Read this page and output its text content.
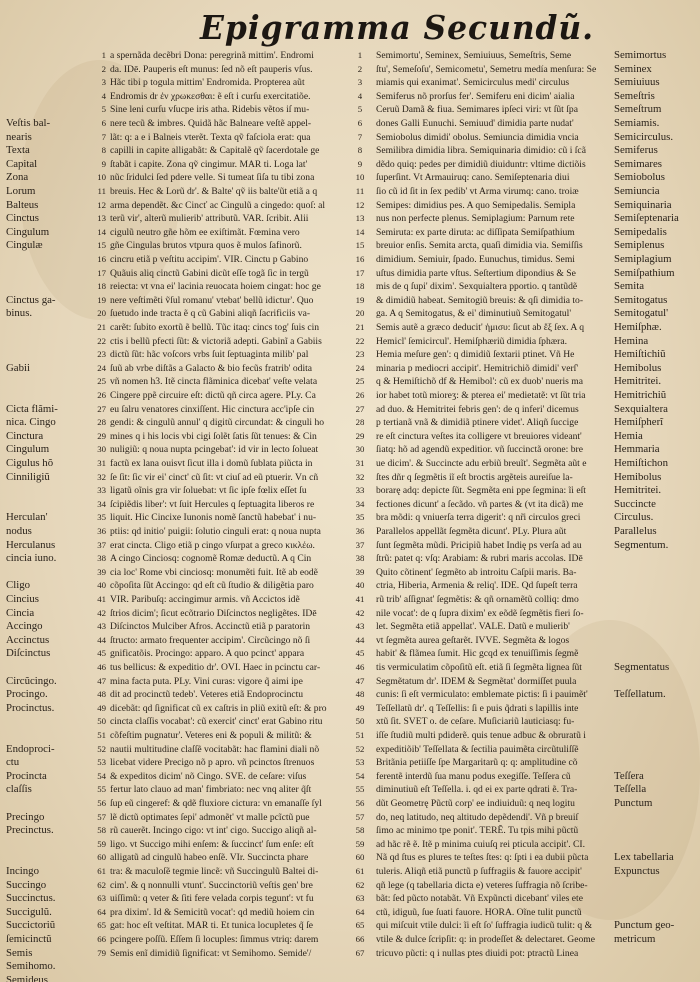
Epigramma Secundũ.
Veſtis bal-
nearis
Texta
Capital
Zona
Lorum
Balteus
Cinctus
Cingulum
Cingulæ
Cinctus ga-
binus.
Gabii
Cicta flãmi-
nica. Cingo
Cinctura
Cingulum
Cigulus hõ
Cinniligiũ
Herculan'
nodus
Herculanus
cincia iuno.
Cligo
Cincius
Cincia
Accingo
Accinctus
Diſcinctus
Circũcingo.
Procingo.
Procinctus.
Endoproci-
ctu
Procincta
claſſis
Precingo
Precinctus.
Incingo
Succingo
Succinctus.
Succigulũ.
Succictoriũ
ſemicinctũ
Semis
Semihomo.
Semideus
1
2
3
4
5
6
7
8
9
10
11
12
13
14
15
16
17
18
19
20
21
22
23
24
25
26
27
28
29
30
31
32
33
34
35
36
37
38
39
40
41
42
43
44
45
46
47
48
49
50
51
52
53
54
55
56
57
58
59
60
61
62
63
64
65
66
79
a spernãda decẽbri Dona: peregrinã mittim'. Endromi
da. IDē. Pauperis eſt munus: ſed nõ eſt pauperis vſus.
Hãc tibi p togula mittim' Endromida. Propterea aũt
Endromis dr ἐν χρωκεσθαι: ẽ eſt i curſu exercitatiõe.
Sine leni curſu vſucpe iris atha. Ridebis vẽtos iſ mu-
nere tecũ & imbres. Quidã hãc Balneare veſtẽ appel-
lãt: q: a e i Balneis vterẽt. Texta qṽ faſciola erat: qua
capilli in capite alligabãt: & Capitalẽ qṽ ſacerdotale ge
ſtabãt i capite. Zona qṽ cingimur. MAR ti. Loga lat'
nũc ſridulci ſed pdere velle. Si tumeat ſiſa tu tibi zona
breuis. Hec & Lorũ dr'. & Balte' qṽ iis balte'ũt etiã a q
arma dependẽt. &c Cincť ac Cingulũ a cingedo: quoſ: al
terũ vir', alterũ mulierib' attributũ. VAR. ſcribit. Alii
cigulũ neutro gñe hõm ee exiſtimãt. Fœmina vero
gñe Cingulas brutos vtpura quos ẽ mulos ſafinorũ.
cincru etiã p veſtitu accipim'. VIR. Cinctu p Gabino
Quãuis aliq cinctũ Gabini dicũt eſſe togã ſic in tergũ
reiecta: vt vna ei' lacinia reuocata hoiem cingat: hoc ge
nere veſtimẽti ṽſul romanu' vtebat' bellũ idictur'. Quo
ſuetudo inde tracta ẽ q cũ Gabini aliqñ ſacrificiis va-
carẽt: ſubito exortũ ẽ bellũ. Tũc itaq: cincs tog' ſuis cin
ctis i bellũ pfecti ſũt: & victoriã adepti. Gabinĩ a Gabiis
dictũ ſũt: hãc voſcors vrbs ſuit ſeptuaginta milib' pal
ſuũ ab vrbe diſtãs a Galacto & bio fecũs fratrib' odita
vñ nomen h3. Itẽ cincta flãminica dicebat' veſte velata
Cingere ppẽ circuire eſt: dictũ qñ circa agere. PLy. Ca
eu ſalru venatores cinxiſſent. Hic cinctura acc'ipſe cin
gendi: & cingulũ annul' q digitũ circundat: & cinguli ho
mines q i his locis vbi cigi ſolẽt ſatis ſũt tenues: & Cin
nuligiũ: q noua nupta pcingebat': id vir in lecto ſolueat
factũ ex lana ouisvt ſicut illa i domũ ſublata piũcta in
ſe ſit: ſic vir ei' cinct' cũ ſit: vt ciuſ ad eũ ptuerir. Vn cñ
ligatũ oĩnis gra vir ſoluebat: vt ſic ipſe fœlix eſſet ſu
ſcipiẽdis liber': vt ſuit Hercules q ſeptuagita liberos re
liquit. Hic Cincixe Iunonis nomẽ ſanctũ habebat' i nu-
ptiis: qd initio' puigii: ſolutio cinguli erat: q noua nupta
erat cincta. Cligo etiã p cingo vſurpat a greco κικλέω.
A cingo Cinciosq: cognomẽ Romæ deductũ. A q Cin
cia loc' Rome vbi cinciosq: monumẽti fuit. Itẽ ab eodẽ
cõpoſita ſũt Accingo: qd eſt cũ ſtudio & diligẽtia paro
VIR. Paribuſq: accingimur armis. vñ Accictos idẽ
ſtrios dicim'; ſicut ecõtrario Diſcinctos negligẽtes. IDē
Diſcinctos Mulciber Afros. Accinctũ etiã p paratorin
ſtructo: armato frequenter accipim'. Circũcingo nõ ſi
gnificatõis. Procingo: apparo. A quo pcinct' appara
tus bellicus: & expeditio dr'. OVI. Haec in pcinctu car-
mina facta puta. PLy. Vini curas: vigore q̃ aimi ipe
dit ad procinctũ tedeb'. Veteres etiã Endoprocinctu
dicebãt: qd ſignificat cũ ex caſtris in pliũ exitũ eſt: & pro
cincta claſſis vocabat': cũ exercit' cinct' erat Gabino ritu
cõfeſtim pugnatur'. Veteres eni & populi & militũ: &
nautii multitudine claſſẽ vocitabãt: hac flamini diali nõ
licebat videre Precigo nõ p apro. vñ pcinctos ſtrenuos
& expeditos dicim' nõ Cingo. SVE. de ceſare: viſus
fertur lato clauo ad man' fimbriato: nec vnq aliter q̃ſt
ſup eũ cingeref: & qdẽ fluxiore cictura: vn emanaſſe ſyl
lẽ dictũ optimates ſepi' admonẽt' vt malle pcĩctũ pue
rũ cauerẽt. Incingo cigo: vt int' cigo. Succigo aliqñ al-
ligo. vt Succigo mihi enſem: & ſuccinct' ſum enſe: eſt
alligatũ ad cingulũ habeo enſẽ. VIr. Succincta phare
tra: & maculoſẽ tegmie lincẽ: vñ Succingulũ Baltei di-
cim'. & q nonnulli vtunt'. Succinctoriũ veſtis gen' bre
uiſſimũ: q veter & ſiti fere velada corpis tegunt': vt fu
pra dixim'. Id & Semicitũ vocat': qd mediũ hoiem cin
gat: hoc eſt veſtitat. MAR ti. Et tunica locupletes q̃ ſe
pcingere poſſũ. Eſſem ſi locuples: ſimmus vtriq: darem
Semis enĩ dimidiũ ſignificat: vt Semihomo. Semide'/
1
2
3
4
5
6
7
8
9
10
11
12
13
14
15
16
17
18
19
20
21
22
23
24
25
26
27
28
29
30
31
32
33
34
35
36
37
38
39
40
41
42
43
44
45
46
47
48
49
50
51
52
53
54
55
56
57
58
59
60
61
62
63
64
65
66
67
Semimortu', Seminex, Semiuiuus, Semeſtris, Seme
ſtu', Semeſoſu', Semicometu', Semetru medía menſura: Se
miamis qui exanimat'. Semicirculus medi' circulus
Semiferus nõ prorſus fer'. Semiferu eni dicim' aialia
Ceruũ Damã & fiua. Semimares ipſeci viri: vt ſũt ſpa
dones Galli Eunuchi. Semiuud' dimidia parte nudat'
Semiobolus dimidi' obolus. Semiuncia dimidia vncia
Semilibra dimidia libra. Semiquinaria dimidio: cũ i ſcã
dẽdo quiq: pedes per dimidiũ diuiduntr: vltime dictiõis
ſuperſint. Vt Armauiruq: cano. Semiſeptenaria diui
ſio cũ id ſit in ſex pedib' vt Arma virumq: cano. troiæ
Semipes: dimidius pes. A quo Semipedalis. Semipla
nus non perfecte plenus. Semiplagium: Parnum rete
Semiruta: ex parte diruta: ac diſſipata Semiſpathium
breuior enſis. Semita arcta, quaſi dimidia via. Semiſſis
dimidium. Semiuir, ſpado. Eunuchus, timidus. Semi
uſtus dimidia parte vſtus. Seſtertium dipondius & Se
mis de q ſupi' dixim'. Sexquialtera pportio. q tantũdẽ
& dimidiũ habeat. Semitogiũ breuis: & qſi dimidia to-
ga. A q Semitogatus, & ei' diminutiuũ Semitogatul'
Semis autẽ a græco deducit' ἡμισυ: ſicut ab ἕξ ſex. A q
Hemicl' ſemicircul'. Hemiſphæriũ dimidia ſphæra.
Hemia meſure gen': q dimidiũ ſextarii ptinet. Vñ He
minaria p mediocri accipit'. Hemitrichiõ dimidi' verſ'
q & Hemiſtichõ df & Hemibol': cũ ex duob' nueris ma
ior habet totũ mioreʒ: & pterea ei' medietatẽ: vt ſũt tria
ad duo. & Hemitritei febris gen': de q inferi' dicemus
p tertianã vnã & dimidiã ptinere videt'. Aliqñ ſuccige
re eſt cinctura veſtes ita colligere vt breuiores videant'
ſiatq: hõ ad agendũ expeditior. vñ ſuccinctã orone: bre
ue dicim'. & Succincte adu erbiũ breuĩt'. Segmẽta aũt e
ſtes dñr q ſegmẽtis iĩ eſt broctis argẽteis aureiſue la-
borarę adq: depicte ſũt. Segmẽta eni ppe ſegmina: ĩi eſt
fectiones dicunt' a ſecãdo. vñ partes & (vt ita dicã) me
bra mõdi: q vniuerſa terra digerit': q nr̃i circulos greci
Parallelos appellãt ſegmẽta dicunt'. PLy. Plura aũt
ſunt ſegmẽta mũdi. Pricipiũ habet Indię ps verſa ad au
ſtrũ: patet q: vſq: Arabiam: & rubri maris accolas. IDē
Quito cõtinent' ſegmẽto ab introitu Caſpii maris. Ba-
ctria, Hiberia, Armenia & reliq'. IDE. Qd ſupeſt terra
rũ trib' aſſignat' ſegmẽtis: & qñ ornamẽtũ colliq: dmo
nile vocat': de q ſupra dixim' ex eõdẽ ſegmẽtis fieri ſo-
let. Segmẽta etiã appellat'. VALE. Datũ e mulierib'
vt ſegmẽta aurea geſtarẽt. IVVE. Segmẽta & logos
habit' & flãmea ſumit. Hic gcqd ex tenuiſſimis ſegmẽ
tis vermiculatim cõpoſitũ eſt. etiã ſi ſegmẽta lignea ſũt
Segmẽtatum dr'. IDEM & Segmẽtat' dormiſſet puula
cunis: ſi eſt vermiculato: emblemate pictis: ſi i pauimẽt'
Teſſellatũ dr'. q Teſſellis: ſi e puis q̃drati s lapillis inte
xtũ ſit. SVET o. de ceſare. Muſiciariũ lauticiasq: fu-
iſſe ſtudiũ multi pdiderẽ. quis tenue adbuc & obruratũ i
expeditiõib' Teſſellata & ſectilia pauimẽta circũtuliſſẽ
Britãnia petiiſſe ſpe Margaritarũ q: q: amplitudine cõ
ferentẽ interdũ ſua manu podus exegiſſe. Teſſera cũ
diminutiuũ eſt Teſſella. i. qd ei ex parte qdrati ẽ. Tra-
dũt Geometrę Pũctũ corp' ee indiuiduũ: q neq logitu
do, neq latitudo, neq altitudo depẽdendi'. Vñ p breuiſ
ſimo ac minimo tpe ponit'. TERẼ. Tu tpis mihi pũctũ
ad hãc rẽ ẽ. Itẽ p minima cuiuſq rei pticula accipit'. CI.
Nã qd ſtus es plures te teſtes ſtes: q: ſpti i ea dubii pũcta
tuleris. Aliqñ etiã punctũ p ſuffragiis & fauore accipit'
qñ lege (q tabellaria dicta e) veteres ſuffragia nõ ſcribe-
bãt: ſed pũcto notabãt. Vñ Expũncti dicebant' viles ete
ctũ, idiguũ, ſue ſuati fauore. HORA. Oĩne tulit punctũ
qui miſcuit vtile dulci: ĩi eſt ſo' ſuffragia iudicũ tulit: q &
vtile & dulce ſcripſit: q: in prodeſſet & delectaret. Geome
tricuvo pũcti: q i nullas ptes diuidi pot: ptractũ Linea
Semimortus
Seminex
Semiuiuus
Semeſtris
Semeſtrum
Semiamis.
Semicirculus.
Semiferus
Semimares
Semiobolus
Semiuncia
Semiquinaria
Semiſeptenaria
Semipedalis
Semiplenus
Semiplagium
Semiſpathium
Semita
Semitogatus
Semitogatul'
Hemiſphæ.
Hemina
Hemiſtichiũ
Hemibolus
Hemitritei.
Hemitrichiũ
Sexquialtera
Hemiſpherĩ
Hemia
Hemmaria
Hemiſtichon
Hemibolus
Hemitritei.
Succincte
Circulus.
Parallelus
Segmentum.
Segmentatus
Teſſellatum.
Teſſera
Teſſella
Punctum
Lex tabellaria
Expunctus
Punctum geo-
metricum
